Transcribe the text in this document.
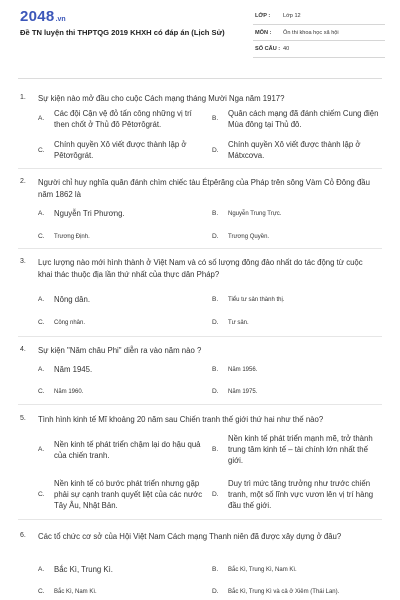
2048.vn
Đề TN luyện thi THPTQG 2019 KHXH có đáp án (Lịch Sử)
LỚP : Lớp 12
MÔN : Ôn thi khoa học xã hội
SỐ CÂU : 40
1. Sự kiện nào mở đầu cho cuộc Cách mạng tháng Mười Nga năm 1917?
A.
Các đội Cận vệ đỏ tấn công những vị trí then chốt ở Thủ đô Pêtơrôgrát.
B.
Quân cách mạng đã đánh chiếm Cung điện Mùa đông tại Thủ đô.
C.
Chính quyền Xô viết được thành lập ở Pêtơrôgrát.
D.
Chính quyền Xô viết được thành lập ở Mátxcơva.
2. Người chỉ huy nghĩa quân đánh chìm chiếc tàu Étpêrăng của Pháp trên sông Vàm Cỏ Đông đầu năm 1862 là
A. Nguyễn Tri Phương.	B. Nguyễn Trung Trực.
C. Trương Định.	D. Trương Quyền.
3. Lực lượng nào mới hình thành ở Việt Nam và có số lượng đông đảo nhất do tác động từ cuộc khai thác thuộc địa lần thứ nhất của thực dân Pháp?
A. Nông dân.	B. Tiểu tư sản thành thị.
C. Công nhân.	D. Tư sản.
4. Sự kiện "Năm châu Phi" diễn ra vào năm nào ?
A. Năm 1945.	B. Năm 1956.
C. Năm 1960.	D. Năm 1975.
5. Tình hình kinh tế Mĩ khoảng 20 năm sau Chiến tranh thế giới thứ hai như thế nào?
A.
Nền kinh tế phát triển chậm lại do hậu quả của chiến tranh.
B.
Nền kinh tế phát triển mạnh mẽ, trở thành trung tâm kinh tế – tài chính lớn nhất thế giới.
C.
Nền kinh tế có bước phát triển nhưng gặp phải sự cạnh tranh quyết liệt của các nước Tây Âu, Nhật Bản.
D.
Duy trì mức tăng trưởng như trước chiến tranh, một số lĩnh vực vươn lên vị trí hàng đầu thế giới.
6. Các tổ chức cơ sở của Hội Việt Nam Cách mạng Thanh niên đã được xây dựng ở đâu?
A. Bắc Kì, Trung Kì.	B. Bắc Kì, Trung Kì, Nam Kì.
C. Bắc Kì, Nam Kì.	D. Bắc Kì, Trung Kì và cả ở Xiêm (Thái Lan).
